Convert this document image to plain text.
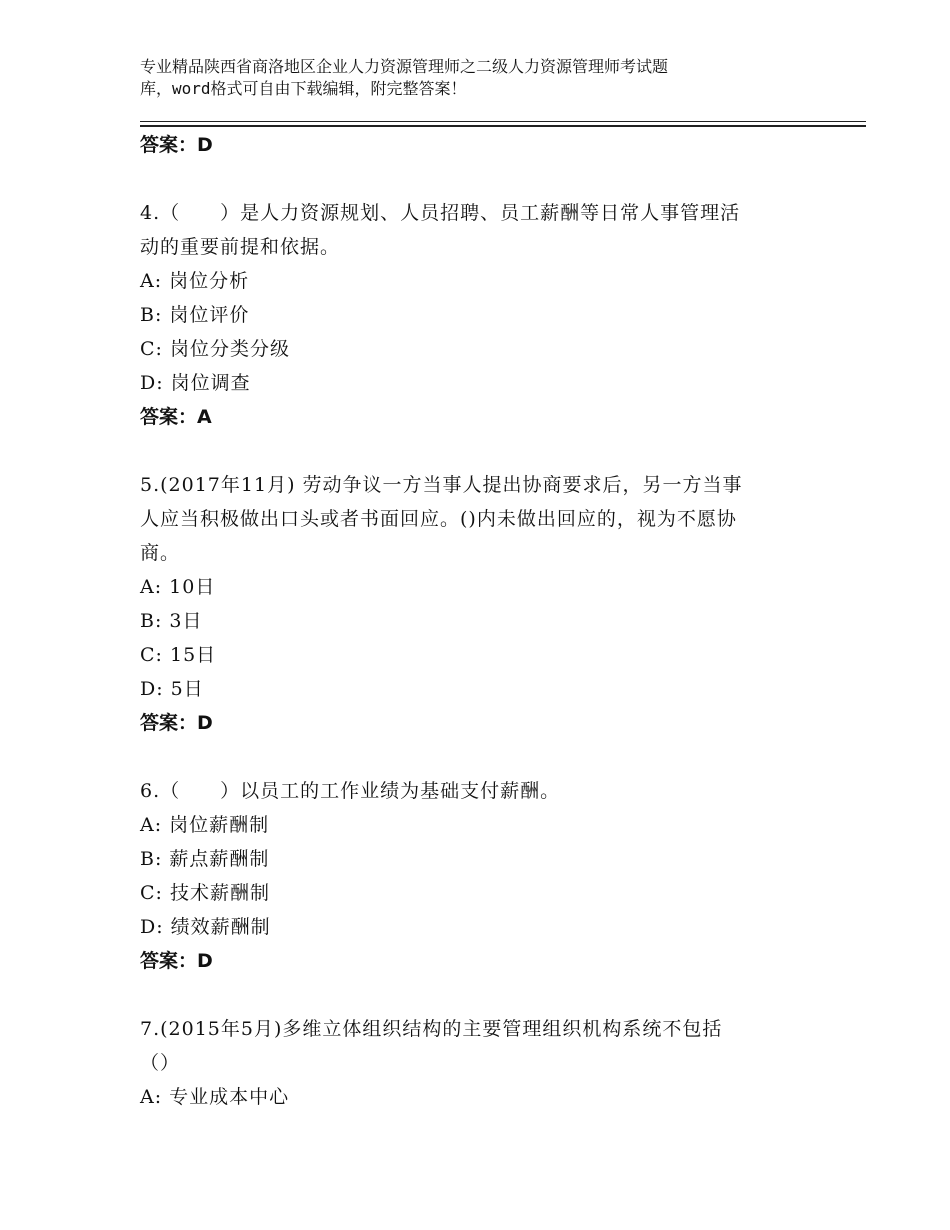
专业精品陕西省商洛地区企业人力资源管理师之二级人力资源管理师考试题
库，word格式可自由下载编辑，附完整答案！
答案：D
4.（　　）是人力资源规划、人员招聘、员工薪酬等日常人事管理活
动的重要前提和依据。
A: 岗位分析
B: 岗位评价
C: 岗位分类分级
D: 岗位调查
答案：A
5.(2017年11月) 劳动争议一方当事人提出协商要求后，另一方当事
人应当积极做出口头或者书面回应。()内未做出回应的，视为不愿协
商。
A: 10日
B: 3日
C: 15日
D: 5日
答案：D
6.（　　）以员工的工作业绩为基础支付薪酬。
A: 岗位薪酬制
B: 薪点薪酬制
C: 技术薪酬制
D: 绩效薪酬制
答案：D
7.(2015年5月)多维立体组织结构的主要管理组织机构系统不包括
（）
A: 专业成本中心
